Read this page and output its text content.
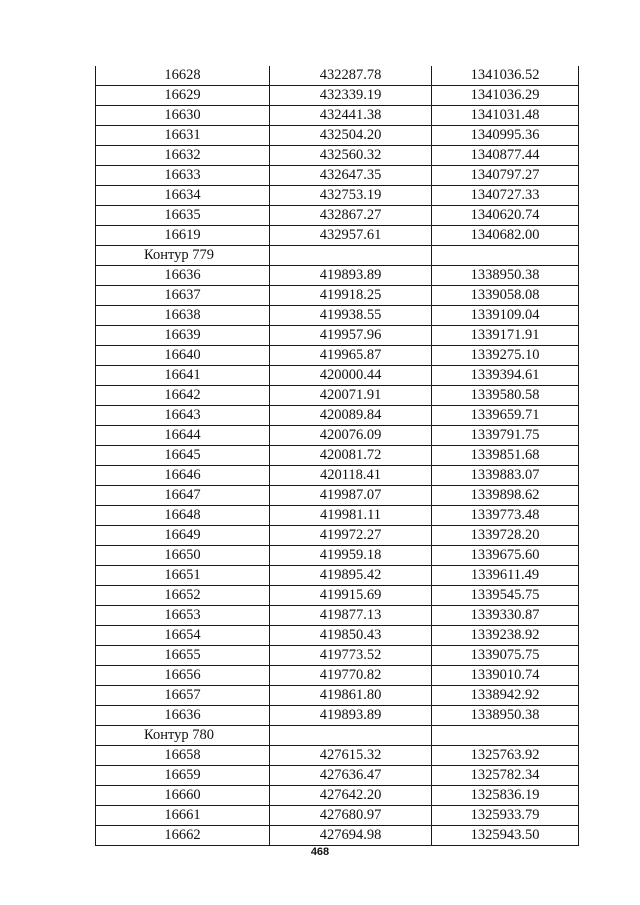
16628	432287.78	1341036.52
16629	432339.19	1341036.29
16630	432441.38	1341031.48
16631	432504.20	1340995.36
16632	432560.32	1340877.44
16633	432647.35	1340797.27
16634	432753.19	1340727.33
16635	432867.27	1340620.74
16619	432957.61	1340682.00
Контур 779		
16636	419893.89	1338950.38
16637	419918.25	1339058.08
16638	419938.55	1339109.04
16639	419957.96	1339171.91
16640	419965.87	1339275.10
16641	420000.44	1339394.61
16642	420071.91	1339580.58
16643	420089.84	1339659.71
16644	420076.09	1339791.75
16645	420081.72	1339851.68
16646	420118.41	1339883.07
16647	419987.07	1339898.62
16648	419981.11	1339773.48
16649	419972.27	1339728.20
16650	419959.18	1339675.60
16651	419895.42	1339611.49
16652	419915.69	1339545.75
16653	419877.13	1339330.87
16654	419850.43	1339238.92
16655	419773.52	1339075.75
16656	419770.82	1339010.74
16657	419861.80	1338942.92
16636	419893.89	1338950.38
Контур 780		
16658	427615.32	1325763.92
16659	427636.47	1325782.34
16660	427642.20	1325836.19
16661	427680.97	1325933.79
16662	427694.98	1325943.50
468
